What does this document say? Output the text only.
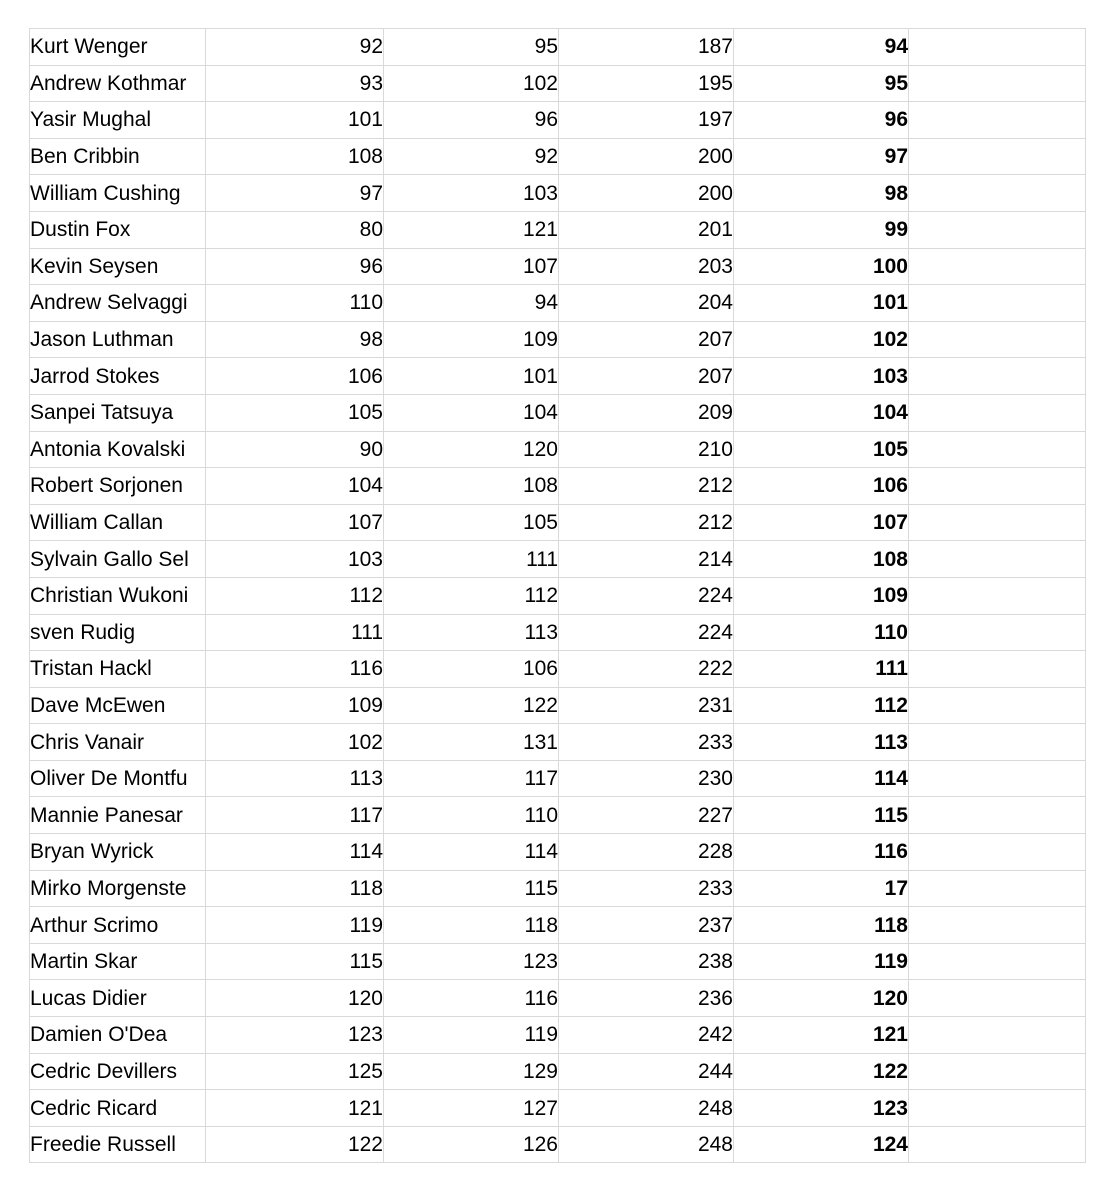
Kurt Wenger	92	95	187	94	
Andrew Kothmar	93	102	195	95	
Yasir Mughal	101	96	197	96	
Ben Cribbin	108	92	200	97	
William Cushing	97	103	200	98	
Dustin Fox	80	121	201	99	
Kevin Seysen	96	107	203	100	
Andrew Selvaggi	110	94	204	101	
Jason Luthman	98	109	207	102	
Jarrod Stokes	106	101	207	103	
Sanpei Tatsuya	105	104	209	104	
Antonia Kovalski	90	120	210	105	
Robert Sorjonen	104	108	212	106	
William Callan	107	105	212	107	
Sylvain Gallo Sel	103	111	214	108	
Christian Wukoni	112	112	224	109	
sven Rudig	111	113	224	110	
Tristan Hackl	116	106	222	111	
Dave McEwen	109	122	231	112	
Chris Vanair	102	131	233	113	
Oliver De Montfu	113	117	230	114	
Mannie Panesar	117	110	227	115	
Bryan Wyrick	114	114	228	116	
Mirko Morgenste	118	115	233	17	
Arthur Scrimo	119	118	237	118	
Martin Skar	115	123	238	119	
Lucas Didier	120	116	236	120	
Damien O'Dea	123	119	242	121	
Cedric Devillers	125	129	244	122	
Cedric Ricard	121	127	248	123	
Freedie Russell	122	126	248	124	
